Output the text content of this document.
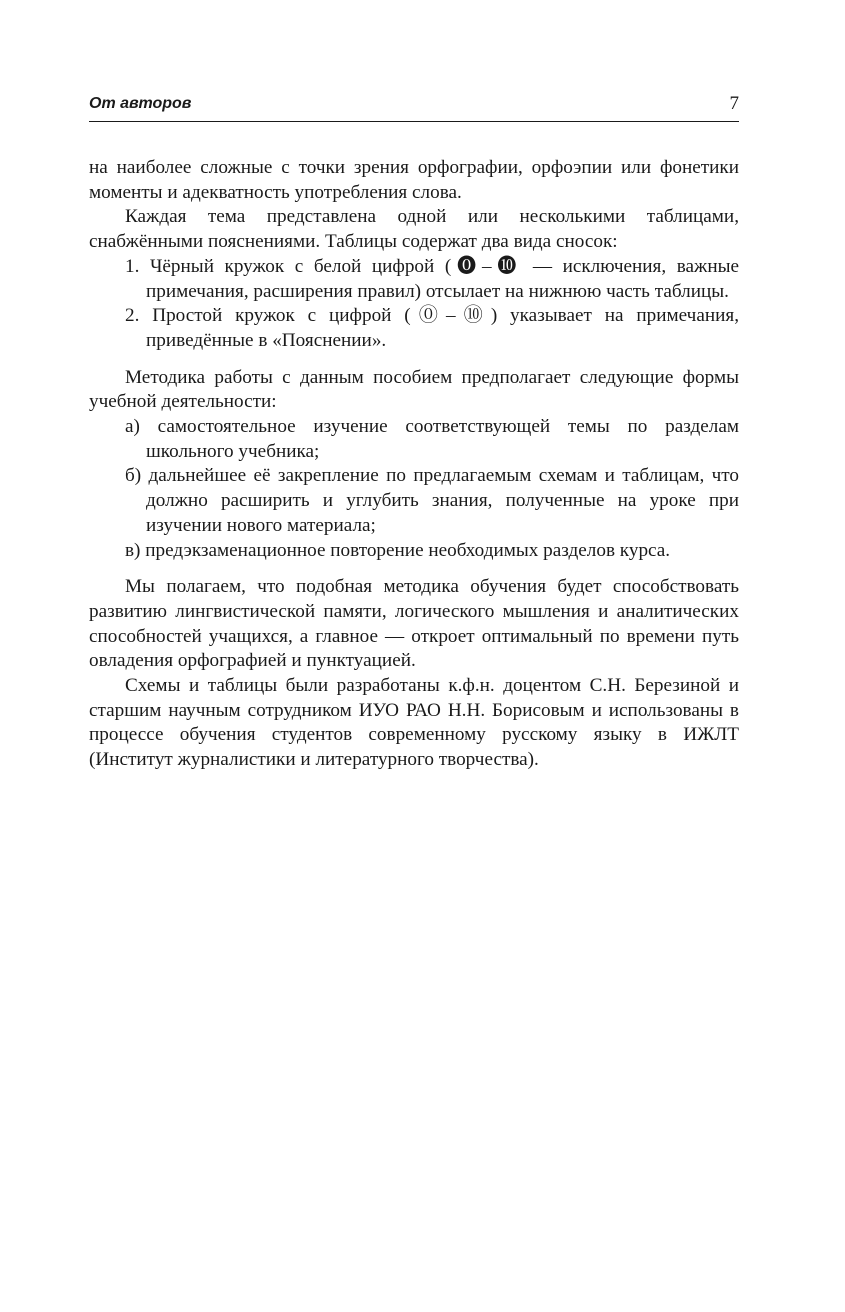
От авторов	7

на наиболее сложные с точки зрения орфографии, орфоэпии или фонетики моменты и адекватность употребления слова.

Каждая тема представлена одной или несколькими таблицами, снабжёнными пояснениями. Таблицы содержат два вида сносок:

1. Чёрный кружок с белой цифрой (⓿–❿ — исключения, важные примечания, расширения правил) отсылает на нижнюю часть таблицы.
2. Простой кружок с цифрой (⓪–⑩) указывает на примечания, приведённые в «Пояснении».

Методика работы с данным пособием предполагает следующие формы учебной деятельности:

а) самостоятельное изучение соответствующей темы по разделам школьного учебника;
б) дальнейшее её закрепление по предлагаемым схемам и таблицам, что должно расширить и углубить знания, полученные на уроке при изучении нового материала;
в) предэкзаменационное повторение необходимых разделов курса.

Мы полагаем, что подобная методика обучения будет способствовать развитию лингвистической памяти, логического мышления и аналитических способностей учащихся, а главное — откроет оптимальный по времени путь овладения орфографией и пунктуацией.

Схемы и таблицы были разработаны к.ф.н. доцентом С.Н. Березиной и старшим научным сотрудником ИУО РАО Н.Н. Борисовым и использованы в процессе обучения студентов современному русскому языку в ИЖЛТ (Институт журналистики и литературного творчества).
